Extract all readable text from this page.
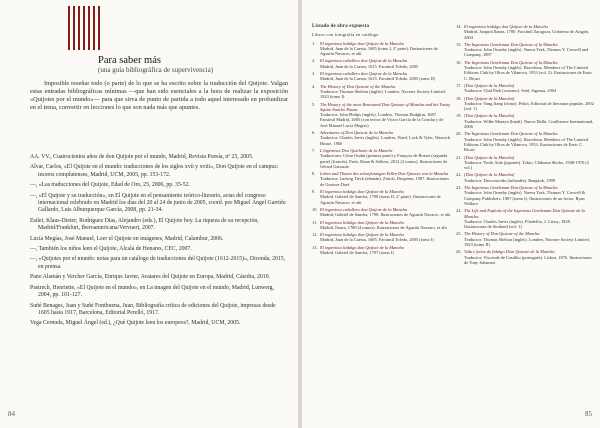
Para saber más
(una guía bibliográfica de supervivencia)

Imposible reseñar todo (o parte) de lo que se ha escrito sobre la traducción del Quijote. Valgan estas entradas bibliográficas mínimas —que han sido esenciales a la hora de realizar la exposición «Quijotes por el mundo»— para que sirva de punto de partida a todo aquel interesado en profundizar en el tema, convertir en lecciones lo que son nada más que apuntes.

AA. VV., Cuatrocientos años de don Quijote por el mundo, Madrid, Revista Poesía, nº 25, 2005.

Alvar, Carlos, «El Quijote en el mundo: traducciones de los siglos xvii y xviii», Don Quijote en el campus: tesoros complutenses, Madrid, UCM, 2005, pp. 153-172.

—, «Las traducciones del Quijote, Edad de Oro, 25, 2006, pp. 35-52.

—, «El Quijote y su traducción», en El Quijote en el pensamiento teórico-literario, actas del congreso internacional celebrado en Madrid los días del 20 al 24 de junio de 2005, coord. por Miguel Ángel Garrido Gallardo, Luis Alburquerque García, 2008, pp. 21-34.

Estlet, Klaus-Dieter; Rodríguez Dias, Alejandro (eds.), El Quijote hoy. La riqueza de su recepción, Madrid/Frankfurt, Iberoamericana/Vervuert, 2007.

Lucía Megías, José Manuel, Leer el Quijote en imágenes, Madrid, Calambur, 2006.

—, También los niños leen el Quijote, Alcalá de Henares, CEC, 2007.

—, «Quijotes por el mundo: notas para un catálogo de traducciones del Quijote (1612-2015)», Dicenda, 2015, en prensa.

Pano Alamán y Vercher García, Enrique Javier, Avatares del Quijote en Europa, Madrid, Cátedra, 2010.

Pastrech, Henriette, «El Quijote en el mundo», en La imagen del Quijote en el mundo, Madrid, Lunwerg, 2004, pp. 101-127.

Suñé Benages, Juan y Suñé Fontbuena, Juan, Bibliografía crítica de ediciones del Quijote, impresas desde 1605 hasta 1917, Barcelona, Editorial Perelló, 1917.

Vega Cernuda, Miguel Ángel (ed.), ¿Qué Quijote leen los europeos?, Madrid, UCM, 2005.

84
Listado de obra expuesta
Libros con fotografía en catálogo
1. El ingenioso hidalgo don Quijote de la Mancha
Madrid, Juan de la Cuesta, 1605 (tomo I, 2ª parte). Ilustraciones de Agustín Navarro, et alii
2. El ingenioso caballero don Quijote de la Mancha
Madrid, Juan de la Cuesta, 1615. Facsímil Toledo, 2005
3. El ingenioso caballero don Quijote de la Mancha
Madrid, Juan de la Cuesta, 1615. Facsímil Toledo, 2005 (tomo II)
4. The History of Don Quixote of the Mancha
Traductor: Thomas Shelton (inglés). Londres, Navarre Society Limited, 1923 (tomo I)
5. The History of the most Renowned Don Quixote of Mancha and his Trusty Squire Sancho Panza
Traductor: John Philips (inglés). Londres, Thomas Hodgkin, 1687. Facsímil Madrid, 2005 (con textos de Víctor García de la Concha y de José Manuel Lucía Megías)
6. Adventures of Don Quixote de la Mancha
Traductor: Charles Jarvis (inglés). Londres, Ward, Lock & Tyler, Warwick House, 1860
7. L'ingénieux Don Quichotte de la Manche
Traductores: César Oudin (primera parte) y François de Rosset (segunda parte) (francés). París, Dunn & Sellons, 2012 (2 tomos). Ilustraciones de Gérard Garouste
8. Leben und Thaten des scharfsinnigen Edlen Don Quixote von la Mancha
Traductor: Ludwig Tieck (alemán). Zürich, Diogenes, 1987. Ilustraciones de Gustave Doré
9. El ingenioso hidalgo don Quijote de la Mancha
Madrid, Gabriel de Sancha, 1798 (tomo II, 2ª parte). Ilustraciones de Agustín Navarro, et alii
10. El ingenioso caballero don Quijote de la Mancha
Madrid, Gabriel de Sancha, 1798. Ilustraciones de Agustín Navarro, et alii
11. El ingenioso hidalgo don Quijote de la Mancha
Madrid, Ibarra, 1780 (4 tomos). Ilustraciones de Agustín Navarro, et alii
12. El ingenioso hidalgo don Quijote de la Mancha
Madrid, Juan de la Cuesta, 1605. Facsímil Toledo, 2005 (tomo I)
13. El ingenioso hidalgo don Quijote de la Mancha
Madrid, Gabriel de Sancha, 1797 (tomo I)
14. El ingenioso hidalgo don Quijote de la Mancha
Madrid, Joaquín Ibarra, 1780. Facsímil Zaragoza, Gobierno de Aragón, 2004
15. The Ingenious Gentleman Don Quixote of la Mancha
Traductor: John Ormsby (inglés). Nueva York, Thomas Y. Crowell and Company, 1887
16. The Ingenious Gentleman Don Quixote of la Mancha
Traductor: John Ormsby (inglés). Barcelona, Members of The Limited Editions Club by Oliva de Vilanova, 1933 (vol. 2). Ilustraciones de Enric C. Ricart
17. [Don Quijote de la Mancha]
Traductor: Chul Park (coreano). Seúl, Sigonsa, 2004
18. [Don Quijote de la Mancha]
Traductor: Yang Jiang (chino). Pekín, Editorial de literatura popular, 2002 (vol. 1)
19. [Don Quijote de la Mancha]
Traductor: Wilhe Marayn (hindi). Nueva Delhi, Confluence International, 2006
20. The Ingenious Gentleman Don Quixote of la Mancha
Traductor: John Ormsby (inglés). Barcelona, Members of The Limited Editions Club by Oliva de Vilanova, 1933. Ilustraciones de Enric C. Ricart
21. [Don Quijote de la Mancha]
Traductor: Yoshi Aida (japonés). Tokio, Chikuma Shobo, 1948-1970 (2 vol.)
22. [Don Quijote de la Mancha]
Traductor: Desconocido (tailandés). Bangkok, 1999
23. The Ingenious Gentleman Don Quixote of la Mancha
Traductor: John Ormsby (inglés). Nueva York, Thomas Y. Crowell & Company Publishers, 1887 (tomo I). Ilustraciones de un lector, Ryan Wallace
24. The Life and Exploits of the Ingenious Gentleman Don Quixote de la Mancha
Traductor: Charles Jarvis (inglés). Filadelfia, J. Crissy, 1828. Ilustraciones de Stothard (vol. 1)
25. The History of Don Quixote of the Mancha
Traductor: Thomas Shelton (inglés). Londres, Navarre Society Limited, 1923 (tomo II)
26. Vida e feitos do fidalgo Dom Quixote de la Mancha
Traductor: Visconde de Castilho (portugués). Lisboa, 1876. Ilustraciones de Tony Johannot
85
